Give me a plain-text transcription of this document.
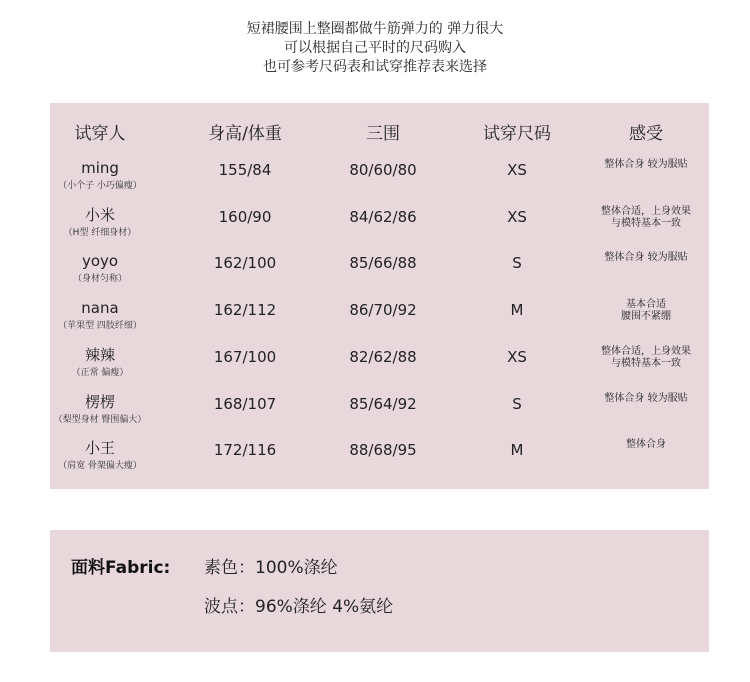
短裙腰围上整圈都做牛筋弹力的 弹力很大
可以根据自己平时的尺码购入
也可参考尺码表和试穿推荐表来选择
试穿人	身高/体重	三围	试穿尺码	感受
ming
（小个子 小巧偏瘦）
155/84	80/60/80	XS	整体合身 较为服贴
小米
（H型 纤细身材）
160/90	84/62/86	XS	整体合适，上身效果
与模特基本一致
yoyo
（身材匀称）
162/100	85/66/88	S	整体合身 较为服贴
nana
（苹果型 四肢纤细）
162/112	86/70/92	M	基本合适
腰围不紧绷
辣辣
（正常 偏瘦）
167/100	82/62/88	XS	整体合适，上身效果
与模特基本一致
楞楞
（梨型身材 臀围偏大）
168/107	85/64/92	S	整体合身 较为服贴
小王
（肩宽 骨架偏大瘦）
172/116	88/68/95	M	整体合身
面料Fabric: 素色：100%涤纶
波点：96%涤纶 4%氨纶
